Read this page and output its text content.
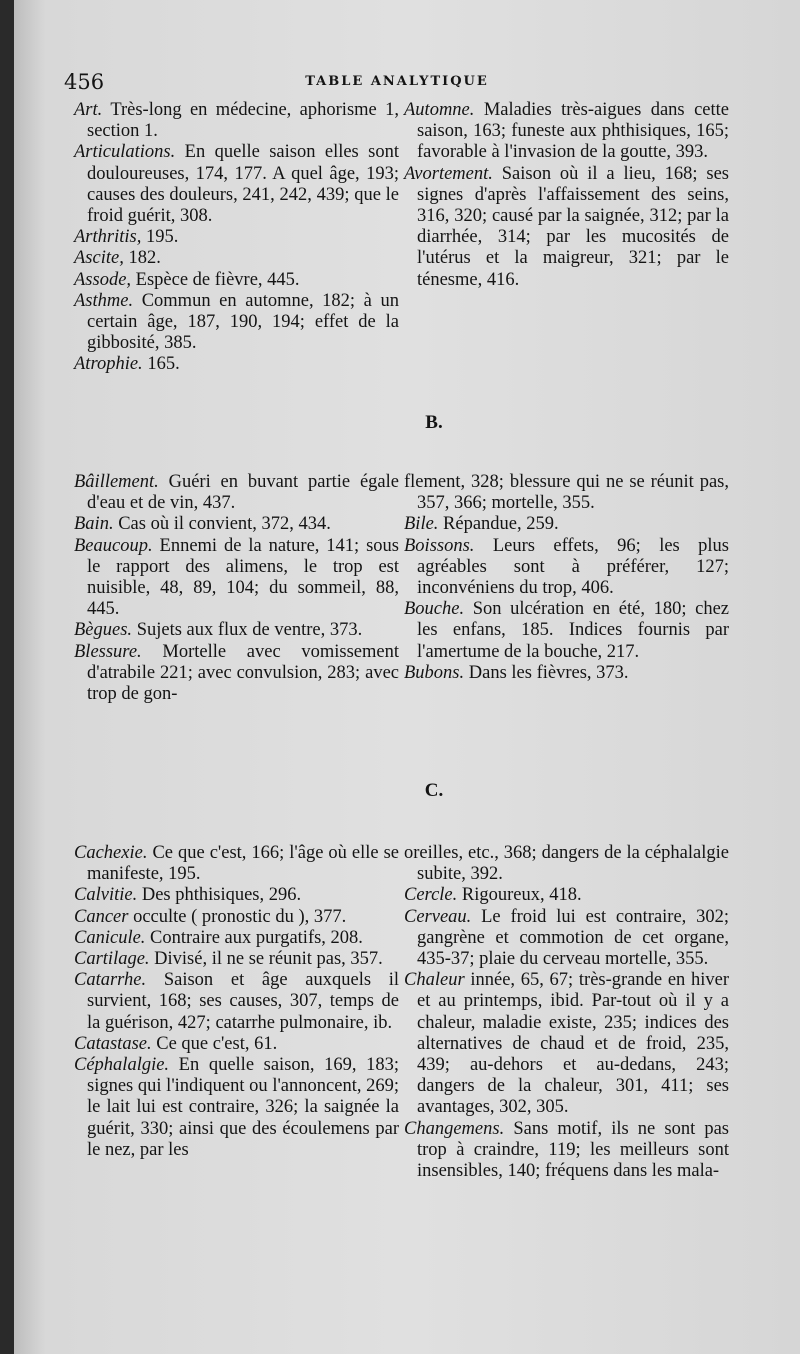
456	TABLE ANALYTIQUE
Art. Très-long en médecine, aphorisme 1, section 1.
Articulations. En quelle saison elles sont douloureuses, 174, 177. A quel âge, 193; causes des douleurs, 241, 242, 439; que le froid guérit, 308.
Arthritis, 195.
Ascite, 182.
Assode, Espèce de fièvre, 445.
Asthme. Commun en automne, 182; à un certain âge, 187, 190, 194; effet de la gibbosité, 385.
Atrophie. 165.
Automne. Maladies très-aigues dans cette saison, 163; funeste aux phthisiques, 165; favorable à l'invasion de la goutte, 393.
Avortement. Saison où il a lieu, 168; ses signes d'après l'affaissement des seins, 316, 320; causé par la saignée, 312; par la diarrhée, 314; par les mucosités de l'utérus et la maigreur, 321; par le ténesme, 416.
B.
Bâillement. Guéri en buvant partie égale d'eau et de vin, 437.
Bain. Cas où il convient, 372, 434.
Beaucoup. Ennemi de la nature, 141; sous le rapport des alimens, le trop est nuisible, 48, 89, 104; du sommeil, 88, 445.
Bègues. Sujets aux flux de ventre, 373.
Blessure. Mortelle avec vomissement d'atrabile 221; avec convulsion, 283; avec trop de gon-
flement, 328; blessure qui ne se réunit pas, 357, 366; mortelle, 355.
Bile. Répandue, 259.
Boissons. Leurs effets, 96; les plus agréables sont à préférer, 127; inconvéniens du trop, 406.
Bouche. Son ulcération en été, 180; chez les enfans, 185. Indices fournis par l'amertume de la bouche, 217.
Bubons. Dans les fièvres, 373.
C.
Cachexie. Ce que c'est, 166; l'âge où elle se manifeste, 195.
Calvitie. Des phthisiques, 296.
Cancer occulte ( pronostic du ), 377.
Canicule. Contraire aux purgatifs, 208.
Cartilage. Divisé, il ne se réunit pas, 357.
Catarrhe. Saison et âge auxquels il survient, 168; ses causes, 307, temps de la guérison, 427; catarrhe pulmonaire, ib.
Catastase. Ce que c'est, 61.
Céphalalgie. En quelle saison, 169, 183; signes qui l'indiquent ou l'annoncent, 269; le lait lui est contraire, 326; la saignée la guérit, 330; ainsi que des écoulemens par le nez, par les
oreilles, etc., 368; dangers de la céphalalgie subite, 392.
Cercle. Rigoureux, 418.
Cerveau. Le froid lui est contraire, 302; gangrène et commotion de cet organe, 435-37; plaie du cerveau mortelle, 355.
Chaleur innée, 65, 67; très-grande en hiver et au printemps, ibid. Par-tout où il y a chaleur, maladie existe, 235; indices des alternatives de chaud et de froid, 235, 439; au-dehors et au-dedans, 243; dangers de la chaleur, 301, 411; ses avantages, 302, 305.
Changemens. Sans motif, ils ne sont pas trop à craindre, 119; les meilleurs sont insensibles, 140; fréquens dans les mala-
